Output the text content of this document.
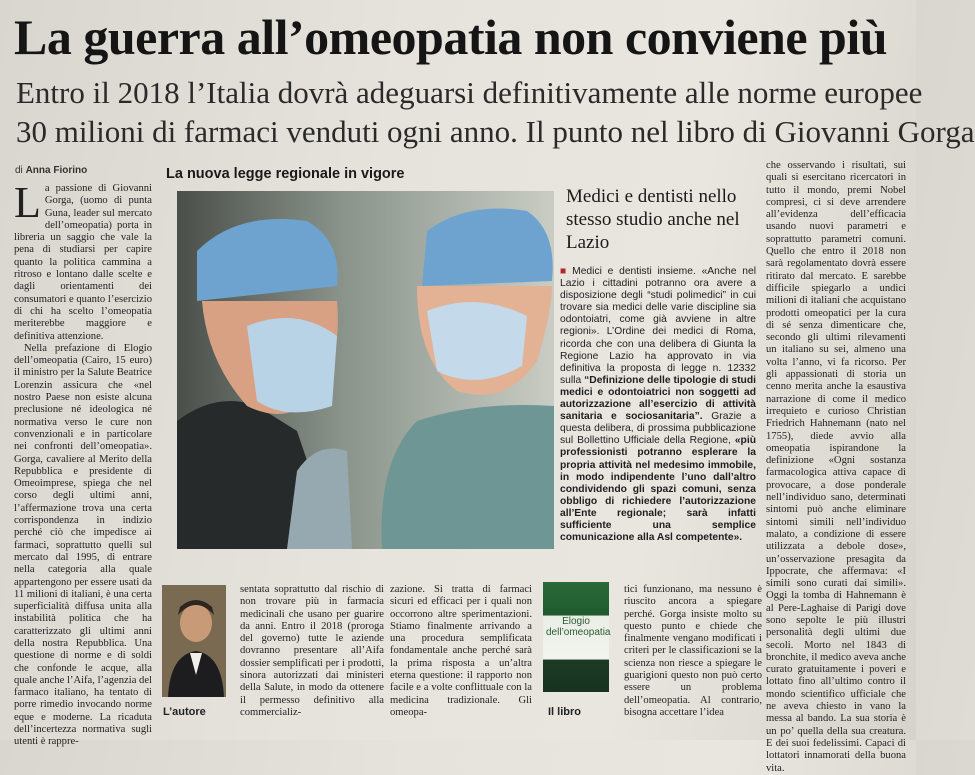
La guerra all’omeopatia non conviene più
Entro il 2018 l’Italia dovrà adeguarsi definitivamente alle norme europee
30 milioni di farmaci venduti ogni anno. Il punto nel libro di Giovanni Gorga
di Anna Fiorino	La nuova legge regionale in vigore

La passione di Giovanni Gorga, (uomo di punta Guna, leader sul mercato dell’omeopatia) porta in libreria un saggio che vale la pena di studiarsi per capire quanto la politica cammina a ritroso e lontano dalle scelte e dagli orientamenti dei consumatori e quanto l’esercizio di chi ha scelto l’omeopatia meriterebbe maggiore e definitiva attenzione.

Nella prefazione di Elogio dell’omeopatia (Cairo, 15 euro) il ministro per la Salute Beatrice Lorenzin assicura che «nel nostro Paese non esiste alcuna preclusione né ideologica né normativa verso le cure non convenzionali e in particolare nei confronti dell’omeopatia». Gorga, cavaliere al Merito della Repubblica e presidente di Omeoimprese, spiega che nel corso degli ultimi anni, l’affermazione trova una certa corrispondenza in indizio perché ciò che impedisce ai farmaci, soprattutto quelli sul mercato dal 1995, di entrare nella categoria alla quale appartengono per essere usati da 11 milioni di italiani, è una certa superficialità diffusa unita alla instabilità politica che ha caratterizzato gli ultimi anni della nostra Repubblica. Una questione di norme e di soldi che confonde le acque, alla quale anche l’Aifa, l’agenzia del farmaco italiano, ha tentato di porre rimedio invocando norme eque e moderne. La ricaduta dell’incertezza normativa sugli utenti è rappre-

Medici e dentisti nello stesso studio anche nel Lazio
■ Medici e dentisti insieme. «Anche nel Lazio i cittadini potranno ora avere a disposizione degli “studi polimedici” in cui trovare sia medici delle varie discipline sia odontoiatri, come già avviene in altre regioni». L’Ordine dei medici di Roma, ricorda che con una delibera di Giunta la Regione Lazio ha approvato in via definitiva la proposta di legge n. 12332 sulla “Definizione delle tipologie di studi medici e odontoiatrici non soggetti ad autorizzazione all’esercizio di attività sanitaria e sociosanitaria”. Grazie a questa delibera, di prossima pubblicazione sul Bollettino Ufficiale della Regione, «più professionisti potranno esplerare la propria attività nel medesimo immobile, in modo indipendente l’uno dall’altro condividendo gli spazi comuni, senza obbligo di richiedere l’autorizzazione all’Ente regionale; sarà infatti sufficiente una semplice comunicazione alla Asl competente».
L’autore
sentata soprattutto dal rischio di non trovare più in farmacia medicinali che usano per guarire da anni. Entro il 2018 (proroga del governo) tutte le aziende dovranno presentare all’Aifa dossier semplificati per i prodotti, sinora autorizzati dai ministeri della Salute, in modo da ottenere il permesso definitivo alla commercializ-
zazione. Si tratta di farmaci sicuri ed efficaci per i quali non occorrono altre sperimentazioni. Stiamo finalmente arrivando a una procedura semplificata fondamentale anche perché sarà la prima risposta a un’altra eterna questione: il rapporto non facile e a volte conflittuale con la medicina tradizionale. Gli omeopa-
Elogio dell’omeopatia
Il libro
tici funzionano, ma nessuno è riuscito ancora a spiegare perché. Gorga insiste molto su questo punto e chiede che finalmente vengano modificati i criteri per le classificazioni se la scienza non riesce a spiegare le guarigioni questo non può certo essere un problema dell’omeopatia. Al contrario, bisogna accettare l’idea
che osservando i risultati, sui quali si esercitano ricercatori in tutto il mondo, premi Nobel compresi, ci si deve arrendere all’evidenza dell’efficacia usando nuovi parametri e soprattutto parametri comuni. Quello che entro il 2018 non sarà regolamentato dovrà essere ritirato dal mercato. E sarebbe difficile spiegarlo a undici milioni di italiani che acquistano prodotti omeopatici per la cura di sé senza dimenticare che, secondo gli ultimi rilevamenti un italiano su sei, almeno una volta l’anno, vi fa ricorso. Per gli appassionati di storia un cenno merita anche la esaustiva narrazione di come il medico irrequieto e curioso Christian Friedrich Hahnemann (nato nel 1755), diede avvio alla omeopatia ispirandone la definizione «Ogni sostanza farmacologica attiva capace di provocare, a dose ponderale nell’individuo sano, determinati sintomi può anche eliminare sintomi simili nell’individuo malato, a condizione di essere utilizzata a debole dose», un’osservazione presagita da Ippocrate, che affermava: «I simili sono curati dai simili». Oggi la tomba di Hahnemann è al Pere-Laghaise di Parigi dove sono sepolte le più illustri personalità degli ultimi due secoli. Morto nel 1843 di bronchite, il medico aveva anche curato gratuitamente i poveri e lottato fino all’ultimo contro il mondo scientifico ufficiale che ne aveva chiesto in vano la messa al bando. La sua storia è un po’ quella della sua creatura. E dei suoi fedelissimi. Capaci di lottatori innamorati della buona vita.
